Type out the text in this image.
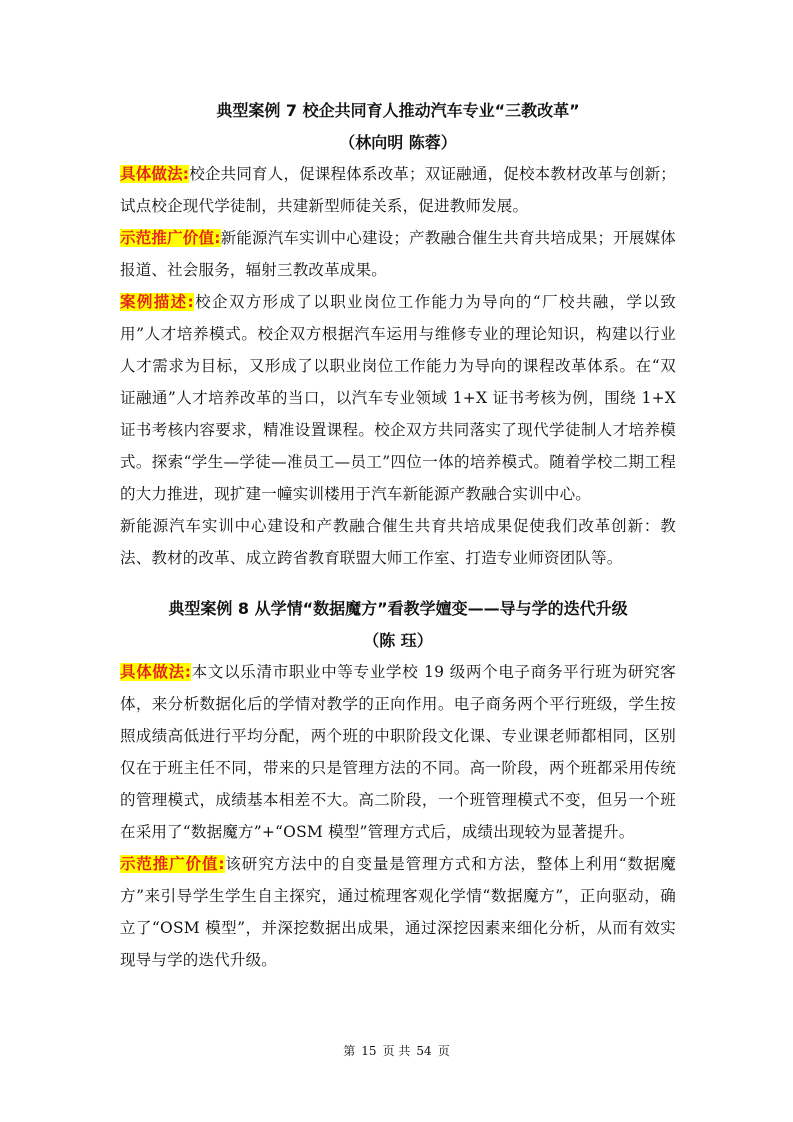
典型案例 7 校企共同育人推动汽车专业“三教改革”
（林向明 陈蓉）

具体做法:校企共同育人，促课程体系改革；双证融通，促校本教材改革与创新；试点校企现代学徒制，共建新型师徒关系，促进教师发展。

示范推广价值:新能源汽车实训中心建设；产教融合催生共育共培成果；开展媒体报道、社会服务，辐射三教改革成果。

案例描述:校企双方形成了以职业岗位工作能力为导向的“厂校共融，学以致用”人才培养模式。校企双方根据汽车运用与维修专业的理论知识，构建以行业人才需求为目标，又形成了以职业岗位工作能力为导向的课程改革体系。在“双证融通”人才培养改革的当口，以汽车专业领域 1+X 证书考核为例，围绕 1+X 证书考核内容要求，精准设置课程。校企双方共同落实了现代学徒制人才培养模式。探索“学生—学徒—准员工—员工”四位一体的培养模式。随着学校二期工程的大力推进，现扩建一幢实训楼用于汽车新能源产教融合实训中心。

新能源汽车实训中心建设和产教融合催生共育共培成果促使我们改革创新：教法、教材的改革、成立跨省教育联盟大师工作室、打造专业师资团队等。

典型案例 8 从学情“数据魔方”看教学嬗变——导与学的迭代升级
（陈 珏）

具体做法:本文以乐清市职业中等专业学校 19 级两个电子商务平行班为研究客体，来分析数据化后的学情对教学的正向作用。电子商务两个平行班级，学生按照成绩高低进行平均分配，两个班的中职阶段文化课、专业课老师都相同，区别仅在于班主任不同，带来的只是管理方法的不同。高一阶段，两个班都采用传统的管理模式，成绩基本相差不大。高二阶段，一个班管理模式不变，但另一个班在采用了“数据魔方”+“OSM 模型”管理方式后，成绩出现较为显著提升。

示范推广价值:该研究方法中的自变量是管理方式和方法，整体上利用“数据魔方”来引导学生学生自主探究，通过梳理客观化学情“数据魔方”，正向驱动，确立了“OSM 模型”，并深挖数据出成果，通过深挖因素来细化分析，从而有效实现导与学的迭代升级。

第 15 页 共 54 页
